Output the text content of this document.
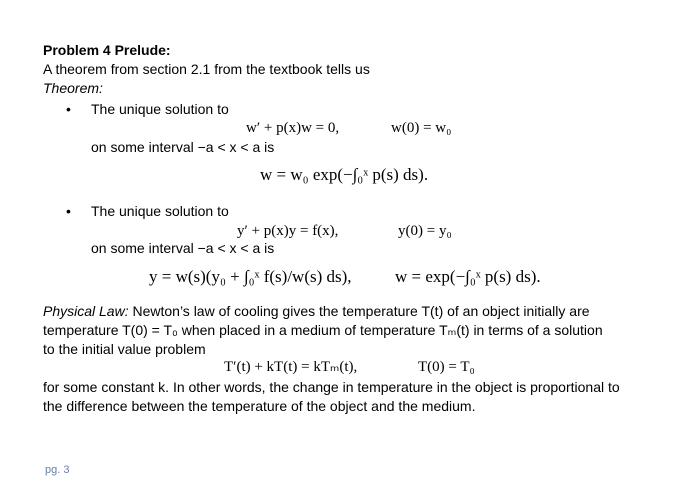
Problem 4 Prelude:
A theorem from section 2.1 from the textbook tells us
Theorem:
• The unique solution to
w′ + p(x)w = 0,	w(0) = w₀
on some interval −a < x < a is
w = w₀ exp(−∫₀ˣ p(s) ds).
• The unique solution to
y′ + p(x)y = f(x),	y(0) = y₀
on some interval −a < x < a is
y = w(s)(y₀ + ∫₀ˣ f(s)/w(s) ds),	w = exp(−∫₀ˣ p(s) ds).
Physical Law: Newton’s law of cooling gives the temperature T(t) of an object initially are
temperature T(0) = T₀ when placed in a medium of temperature Tₘ(t) in terms of a solution
to the initial value problem
T′(t) + kT(t) = kTₘ(t),	T(0) = T₀
for some constant k. In other words, the change in temperature in the object is proportional to
the difference between the temperature of the object and the medium.
pg. 3
